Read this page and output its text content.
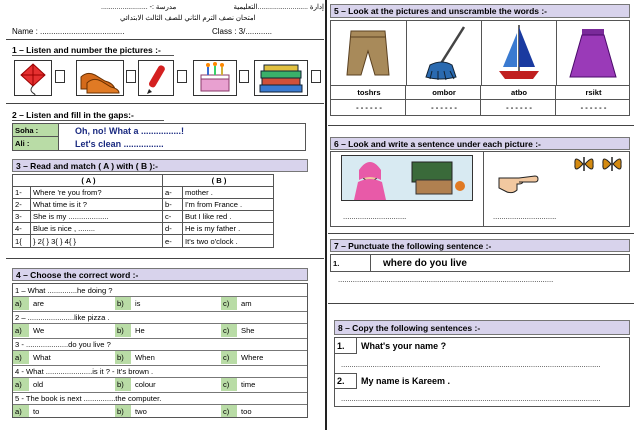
مدرسة :- ........................	إدارة ..........................التعليمية
امتحان نصف الترم الثاني للصف الثالث الابتدائي
Name : ......................................	Class : 3/............
1 – Listen and number the pictures :-
2 – Listen and fill in the gaps:-
Soha :	Oh, no! What a ................!
Ali :	Let's clean ................
3 – Read and match ( A ) with ( B ):-
( A )	( B )
1-	Where 're you from?	a-	mother .
2-	What time is it ?	b-	I'm from France .
3-	She is my ...................	c-	But I like red .
4-	Blue is nice , ........	d-	He is my father .
1{	} 2{ } 3{ } 4{ }	e-	It's two o'clock .
4 – Choose the correct word :-
1 – What ..............he doing ?
a)	are	b)	is	c)	am
2 – ......................like pizza .
a)	We	b)	He	c)	She
3 - ....................do you live ?
a)	What	b)	When	c)	Where
4 - What ......................is it ? - It's brown .
a)	old	b)	colour	c)	time
5 - The book is next ...............the computer.
a)	to	b)	two	c)	too
5 – Look at the pictures and unscramble the words :-
toshrs	ombor	atbo	rsikt
- - - - - -	- - - - - -	- - - - - -	- - - - - -
6 – Look and write a sentence under each picture :-
..............................	..............................
7 – Punctuate the following sentence :-
1.	where do you live
......................................................................................................
8 – Copy the following sentences :-
1.	What's your name ?
...........................................................................................................................
2.	My name is Kareem .
...........................................................................................................................
